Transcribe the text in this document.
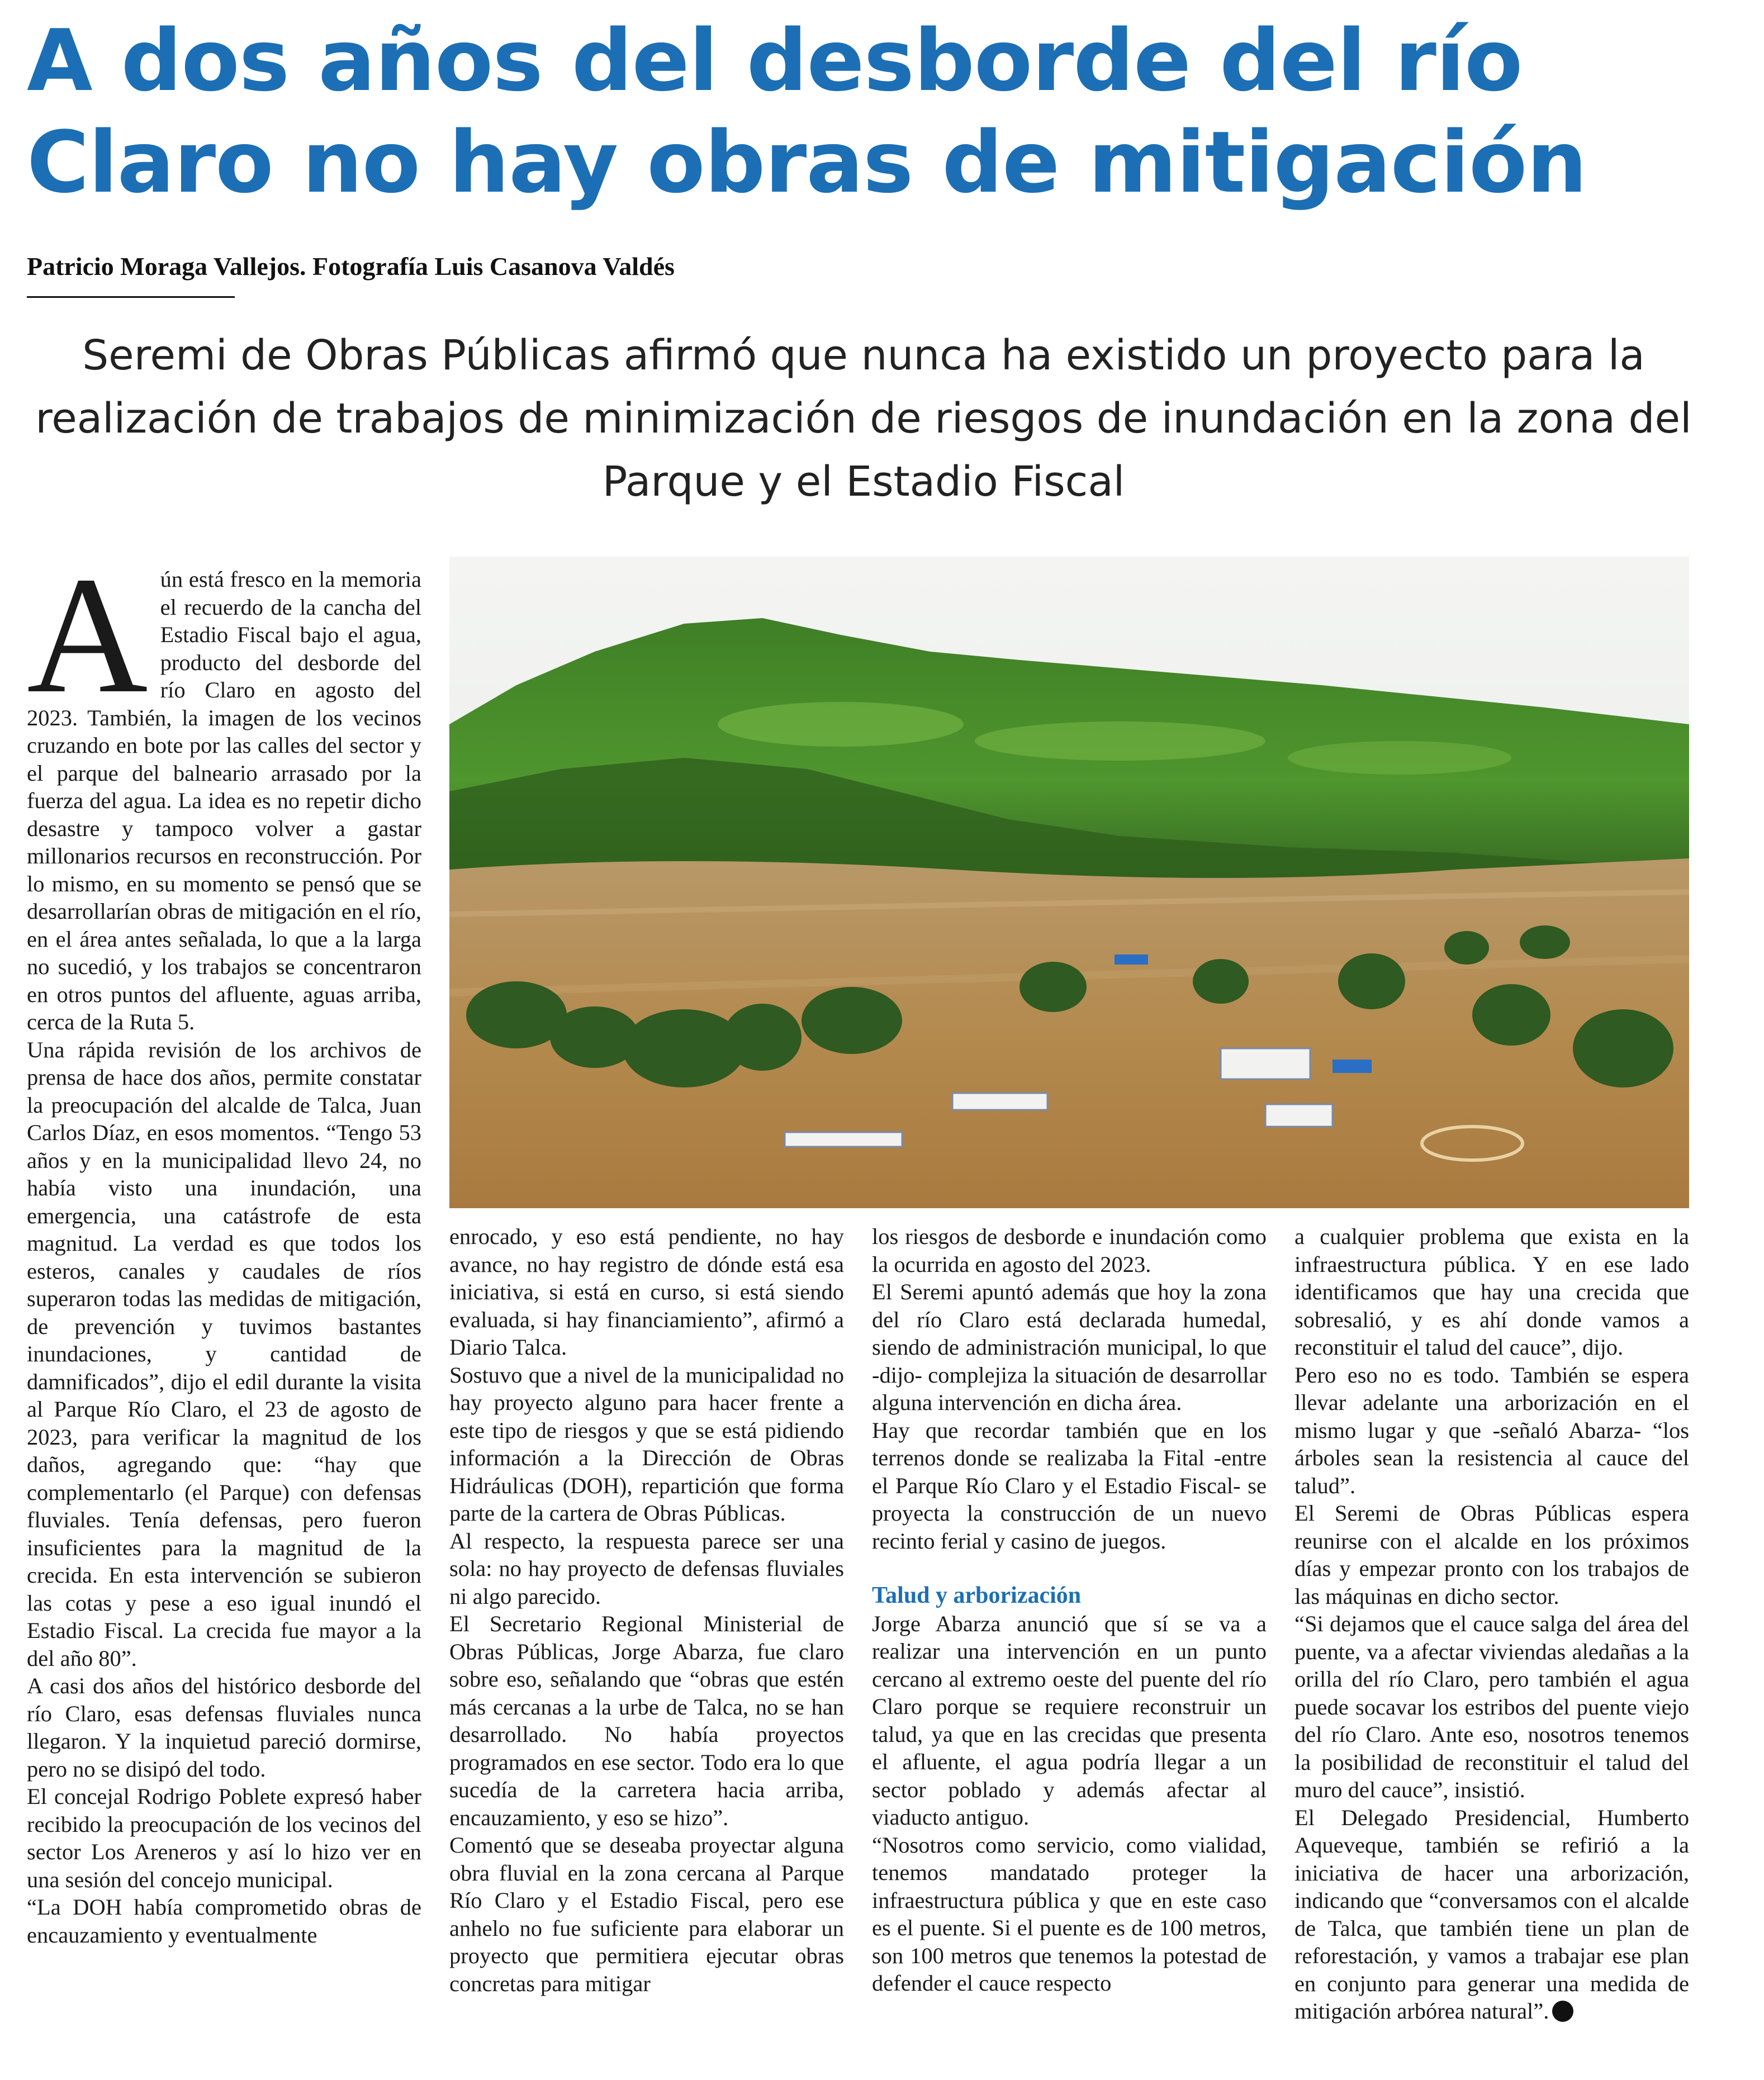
A dos años del desborde del río Claro no hay obras de mitigación
Patricio Moraga Vallejos. Fotografía Luis Casanova Valdés
Seremi de Obras Públicas afirmó que nunca ha existido un proyecto para la realización de trabajos de minimización de riesgos de inundación en la zona del Parque y el Estadio Fiscal
A ún está fresco en la memoria el recuerdo de la cancha del Estadio Fiscal bajo el agua, producto del desborde del río Claro en agosto del 2023. También, la imagen de los vecinos cruzando en bote por las calles del sector y el parque del balneario arrasado por la fuerza del agua. La idea es no repetir dicho desastre y tampoco volver a gastar millonarios recursos en reconstrucción. Por lo mismo, en su momento se pensó que se desarrollarían obras de mitigación en el río, en el área antes señalada, lo que a la larga no sucedió, y los trabajos se concentraron en otros puntos del afluente, aguas arriba, cerca de la Ruta 5.

Una rápida revisión de los archivos de prensa de hace dos años, permite constatar la preocupación del alcalde de Talca, Juan Carlos Díaz, en esos momentos. “Tengo 53 años y en la municipalidad llevo 24, no había visto una inundación, una emergencia, una catástrofe de esta magnitud. La verdad es que todos los esteros, canales y caudales de ríos superaron todas las medidas de mitigación, de prevención y tuvimos bastantes inundaciones, y cantidad de damnificados”, dijo el edil durante la visita al Parque Río Claro, el 23 de agosto de 2023, para verificar la magnitud de los daños, agregando que: “hay que complementarlo (el Parque) con defensas fluviales. Tenía defensas, pero fueron insuficientes para la magnitud de la crecida. En esta intervención se subieron las cotas y pese a eso igual inundó el Estadio Fiscal. La crecida fue mayor a la del año 80”.

A casi dos años del histórico desborde del río Claro, esas defensas fluviales nunca llegaron. Y la inquietud pareció dormirse, pero no se disipó del todo.

El concejal Rodrigo Poblete expresó haber recibido la preocupación de los vecinos del sector Los Areneros y así lo hizo ver en una sesión del concejo municipal.

“La DOH había comprometido obras de encauzamiento y eventualmente

enrocado, y eso está pendiente, no hay avance, no hay registro de dónde está esa iniciativa, si está en curso, si está siendo evaluada, si hay financiamiento”, afirmó a Diario Talca.

Sostuvo que a nivel de la municipalidad no hay proyecto alguno para hacer frente a este tipo de riesgos y que se está pidiendo información a la Dirección de Obras Hidráulicas (DOH), repartición que forma parte de la cartera de Obras Públicas.

Al respecto, la respuesta parece ser una sola: no hay proyecto de defensas fluviales ni algo parecido.

El Secretario Regional Ministerial de Obras Públicas, Jorge Abarza, fue claro sobre eso, señalando que “obras que estén más cercanas a la urbe de Talca, no se han desarrollado. No había proyectos programados en ese sector. Todo era lo que sucedía de la carretera hacia arriba, encauzamiento, y eso se hizo”.

Comentó que se deseaba proyectar alguna obra fluvial en la zona cercana al Parque Río Claro y el Estadio Fiscal, pero ese anhelo no fue suficiente para elaborar un proyecto que permitiera ejecutar obras concretas para mitigar

los riesgos de desborde e inundación como la ocurrida en agosto del 2023.

El Seremi apuntó además que hoy la zona del río Claro está declarada humedal, siendo de administración municipal, lo que -dijo- complejiza la situación de desarrollar alguna intervención en dicha área.

Hay que recordar también que en los terrenos donde se realizaba la Fital -entre el Parque Río Claro y el Estadio Fiscal- se proyecta la construcción de un nuevo recinto ferial y casino de juegos.

Talud y arborización

Jorge Abarza anunció que sí se va a realizar una intervención en un punto cercano al extremo oeste del puente del río Claro porque se requiere reconstruir un talud, ya que en las crecidas que presenta el afluente, el agua podría llegar a un sector poblado y además afectar al viaducto antiguo.

“Nosotros como servicio, como vialidad, tenemos mandatado proteger la infraestructura pública y que en este caso es el puente. Si el puente es de 100 metros, son 100 metros que tenemos la potestad de defender el cauce respecto

a cualquier problema que exista en la infraestructura pública. Y en ese lado identificamos que hay una crecida que sobresalió, y es ahí donde vamos a reconstituir el talud del cauce”, dijo.

Pero eso no es todo. También se espera llevar adelante una arborización en el mismo lugar y que -señaló Abarza- “los árboles sean la resistencia al cauce del talud”.

El Seremi de Obras Públicas espera reunirse con el alcalde en los próximos días y empezar pronto con los trabajos de las máquinas en dicho sector.

“Si dejamos que el cauce salga del área del puente, va a afectar viviendas aledañas a la orilla del río Claro, pero también el agua puede socavar los estribos del puente viejo del río Claro. Ante eso, nosotros tenemos la posibilidad de reconstituir el talud del muro del cauce”, insistió.

El Delegado Presidencial, Humberto Aqueveque, también se refirió a la iniciativa de hacer una arborización, indicando que “conversamos con el alcalde de Talca, que también tiene un plan de reforestación, y vamos a trabajar ese plan en conjunto para generar una medida de mitigación arbórea natural”.
